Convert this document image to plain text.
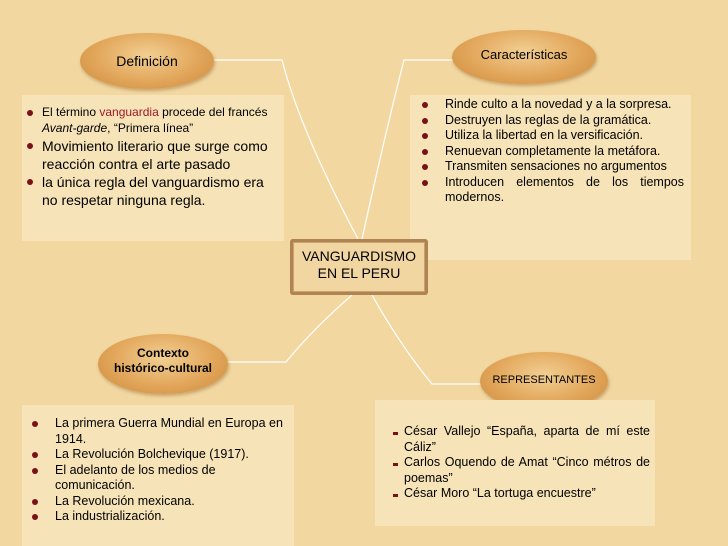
Definición	Características
Contexto
histórico-cultural
REPRESENTANTES
El término vanguardia procede del francés Avant-garde, “Primera línea”
Movimiento literario que surge como reacción contra el arte pasado
la única regla del vanguardismo era no respetar ninguna regla.
Rinde culto a la novedad y a la sorpresa.
Destruyen las reglas de la gramática.
Utiliza la libertad en la versificación.
Renuevan completamente la metáfora.
Transmiten sensaciones no argumentos
Introducen elementos de los tiempos modernos.
VANGUARDISMO
EN EL PERU
La primera Guerra Mundial en Europa en 1914.
La Revolución Bolchevique (1917).
El adelanto de los medios de comunicación.
La Revolución mexicana.
La industrialización.
César Vallejo “España, aparta de mí este Cáliz”
Carlos Oquendo de Amat “Cinco métros de poemas”
César Moro “La tortuga encuestre”
